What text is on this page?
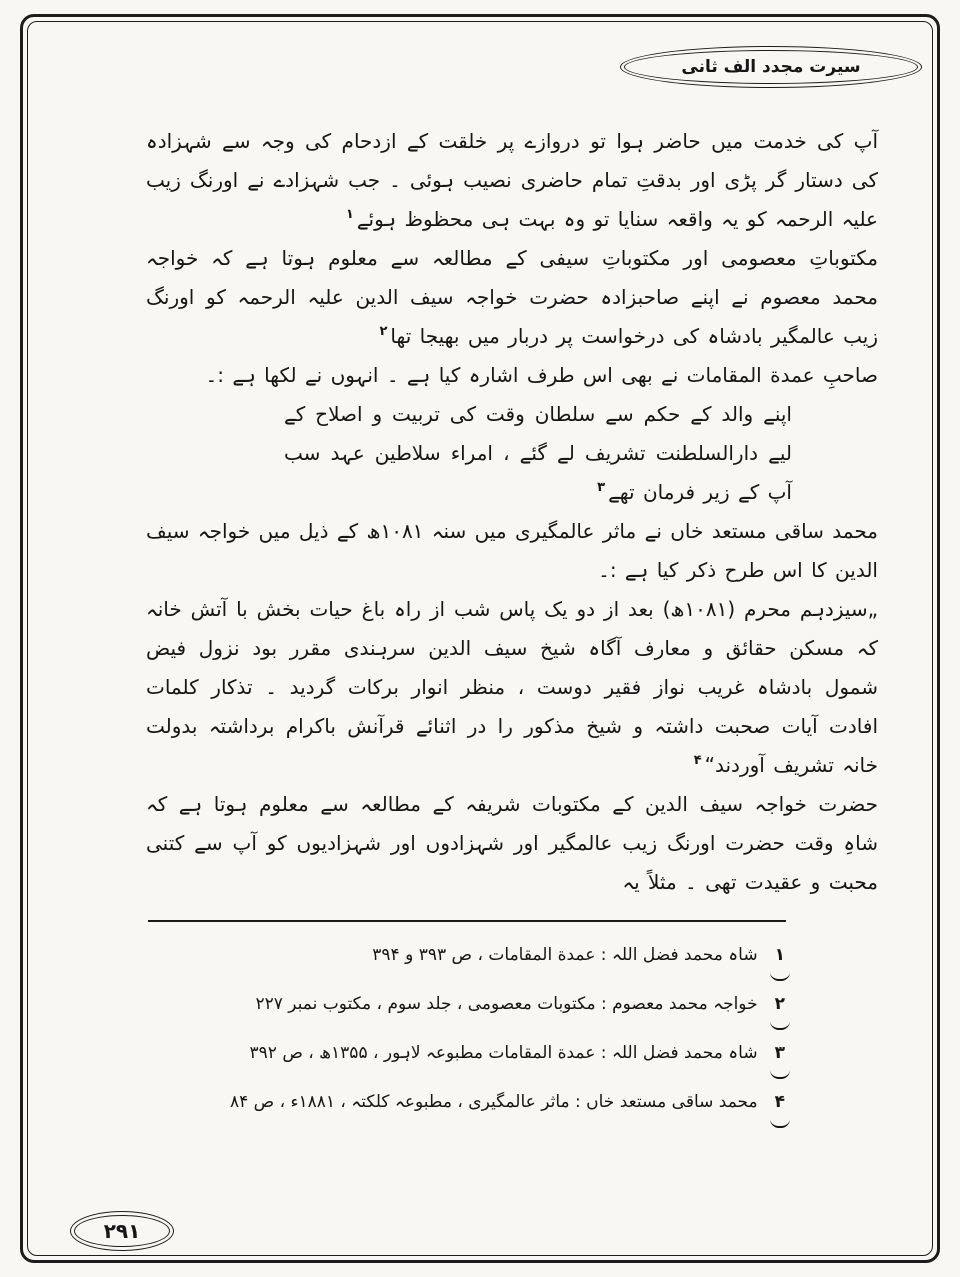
سیرت مجدد الف ثانی

آپ کی خدمت میں حاضر ہوا تو دروازے پر خلقت کے ازدحام کی وجہ سے شہزادہ کی دستار گر پڑی اور بدقتِ تمام حاضری نصیب ہوئی ۔ جب شہزادے نے اورنگ زیب علیہ الرحمہ کو یہ واقعہ سنایا تو وہ بہت ہی محظوظ ہوئے$^۱$

مکتوباتِ معصومی اور مکتوباتِ سیفی کے مطالعہ سے معلوم ہوتا ہے کہ خواجہ محمد معصوم نے اپنے صاحبزادہ حضرت خواجہ سیف الدین علیہ الرحمہ کو اورنگ زیب عالمگیر بادشاہ کی درخواست پر دربار میں بھیجا تھا$^۲$

صاحبِ عمدة المقامات نے بھی اس طرف اشارہ کیا ہے ۔ انہوں نے لکھا ہے :۔

اپنے والد کے حکم سے سلطان وقت کی تربیت و اصلاح کے لیے دارالسلطنت تشریف لے گئے ، امراء سلاطین عہد سب آپ کے زیر فرمان تھے$^۳$

محمد ساقی مستعد خاں نے ماثر عالمگیری میں سنہ ۱۰۸۱ھ کے ذیل میں خواجہ سیف الدین کا اس طرح ذکر کیا ہے :۔

„سیزدہم محرم (۱۰۸۱ھ) بعد از دو یک پاس شب از راہ باغ حیات بخش با آتش خانہ کہ مسکن حقائق و معارف آگاہ شیخ سیف الدین سرہندی مقرر بود نزول فیض شمول بادشاہ غریب نواز فقیر دوست ، منظر انوار برکات گردید ۔ تذکار کلمات افادت آیات صحبت داشتہ و شیخ مذکور را در اثنائے قرآنش باکرام برداشتہ بدولت خانہ تشریف آوردند“$^۴$

حضرت خواجہ سیف الدین کے مکتوبات شریفہ کے مطالعہ سے معلوم ہوتا ہے کہ شاہِ وقت حضرت اورنگ زیب عالمگیر اور شہزادوں اور شہزادیوں کو آپ سے کتنی محبت و عقیدت تھی ۔ مثلاً یہ

۱شاہ محمد فضل اللہ : عمدة المقامات ، ص ۳۹۳ و ۳۹۴
۲خواجہ محمد معصوم : مکتوبات معصومی ، جلد سوم ، مکتوب نمبر ۲۲۷
۳شاہ محمد فضل اللہ : عمدة المقامات مطبوعہ لاہور ، ۱۳۵۵ھ ، ص ۳۹۲
۴محمد ساقی مستعد خاں : ماثر عالمگیری ، مطبوعہ کلکتہ ، ۱۸۸۱ء ، ص ۸۴
۲۹۱
